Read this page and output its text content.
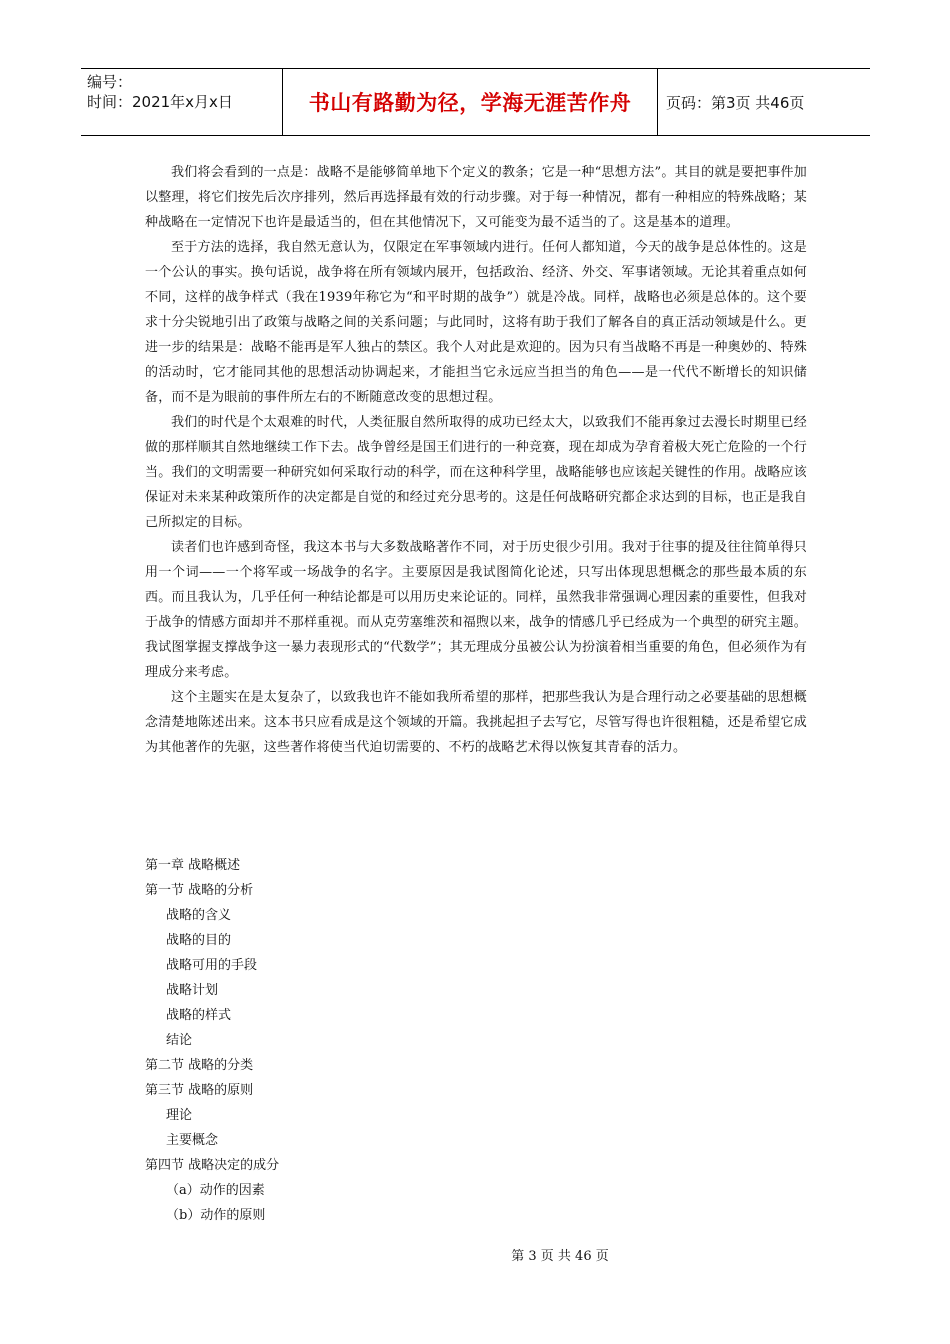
编号：
时间：2021年x月x日	书山有路勤为径，学海无涯苦作舟	页码：第3页 共46页

我们将会看到的一点是：战略不是能够简单地下个定义的教条；它是一种“思想方法”。其目的就是要把事件加以整理，将它们按先后次序排列，然后再选择最有效的行动步骤。对于每一种情况，都有一种相应的特殊战略；某种战略在一定情况下也许是最适当的，但在其他情况下，又可能变为最不适当的了。这是基本的道理。

至于方法的选择，我自然无意认为，仅限定在军事领域内进行。任何人都知道，今天的战争是总体性的。这是一个公认的事实。换句话说，战争将在所有领域内展开，包括政治、经济、外交、军事诸领域。无论其着重点如何不同，这样的战争样式（我在1939年称它为“和平时期的战争”）就是冷战。同样，战略也必须是总体的。这个要求十分尖锐地引出了政策与战略之间的关系问题；与此同时，这将有助于我们了解各自的真正活动领域是什么。更进一步的结果是：战略不能再是军人独占的禁区。我个人对此是欢迎的。因为只有当战略不再是一种奥妙的、特殊的活动时，它才能同其他的思想活动协调起来，才能担当它永远应当担当的角色——是一代代不断增长的知识储备，而不是为眼前的事件所左右的不断随意改变的思想过程。

我们的时代是个太艰难的时代，人类征服自然所取得的成功已经太大，以致我们不能再象过去漫长时期里已经做的那样顺其自然地继续工作下去。战争曾经是国王们进行的一种竞赛，现在却成为孕育着极大死亡危险的一个行当。我们的文明需要一种研究如何采取行动的科学，而在这种科学里，战略能够也应该起关键性的作用。战略应该保证对未来某种政策所作的决定都是自觉的和经过充分思考的。这是任何战略研究都企求达到的目标，也正是我自己所拟定的目标。

读者们也许感到奇怪，我这本书与大多数战略著作不同，对于历史很少引用。我对于往事的提及往往简单得只用一个词——一个将军或一场战争的名字。主要原因是我试图简化论述，只写出体现思想概念的那些最本质的东西。而且我认为，几乎任何一种结论都是可以用历史来论证的。同样，虽然我非常强调心理因素的重要性，但我对于战争的情感方面却并不那样重视。而从克劳塞维茨和福煦以来，战争的情感几乎已经成为一个典型的研究主题。我试图掌握支撑战争这一暴力表现形式的“代数学”；其无理成分虽被公认为扮演着相当重要的角色，但必须作为有理成分来考虑。

这个主题实在是太复杂了，以致我也许不能如我所希望的那样，把那些我认为是合理行动之必要基础的思想概念清楚地陈述出来。这本书只应看成是这个领域的开篇。我挑起担子去写它，尽管写得也许很粗糙，还是希望它成为其他著作的先驱，这些著作将使当代迫切需要的、不朽的战略艺术得以恢复其青春的活力。

第一章 战略概述
第一节 战略的分析
战略的含义
战略的目的
战略可用的手段
战略计划
战略的样式
结论
第二节 战略的分类
第三节 战略的原则
理论
主要概念
第四节 战略决定的成分
（a）动作的因素
（b）动作的原则
第 3 页 共 46 页
